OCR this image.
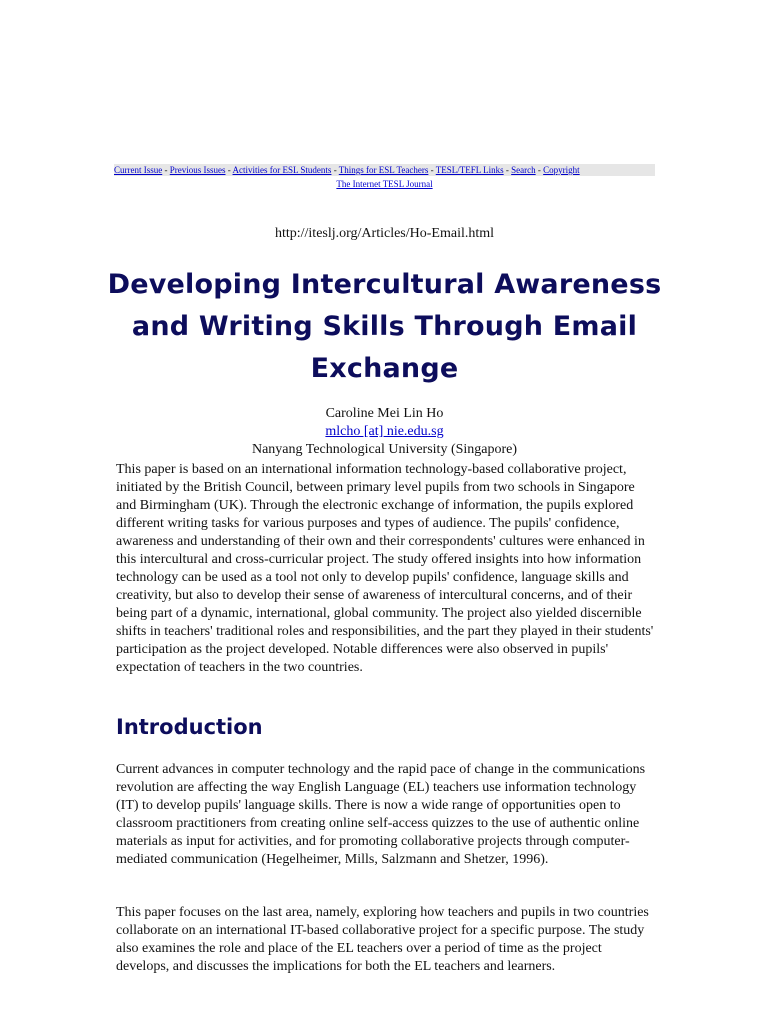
Current Issue - Previous Issues - Activities for ESL Students - Things for ESL Teachers - TESL/TEFL Links - Search - Copyright
The Internet TESL Journal
http://iteslj.org/Articles/Ho-Email.html
Developing Intercultural Awareness and Writing Skills Through Email Exchange
Caroline Mei Lin Ho
mlcho [at] nie.edu.sg
Nanyang Technological University (Singapore)

This paper is based on an international information technology-based collaborative project, initiated by the British Council, between primary level pupils from two schools in Singapore and Birmingham (UK). Through the electronic exchange of information, the pupils explored different writing tasks for various purposes and types of audience. The pupils' confidence, awareness and understanding of their own and their correspondents' cultures were enhanced in this intercultural and cross-curricular project. The study offered insights into how information technology can be used as a tool not only to develop pupils' confidence, language skills and creativity, but also to develop their sense of awareness of intercultural concerns, and of their being part of a dynamic, international, global community. The project also yielded discernible shifts in teachers' traditional roles and responsibilities, and the part they played in their students' participation as the project developed. Notable differences were also observed in pupils' expectation of teachers in the two countries.

Introduction

Current advances in computer technology and the rapid pace of change in the communications revolution are affecting the way English Language (EL) teachers use information technology (IT) to develop pupils' language skills. There is now a wide range of opportunities open to classroom practitioners from creating online self-access quizzes to the use of authentic online materials as input for activities, and for promoting collaborative projects through computer-mediated communication (Hegelheimer, Mills, Salzmann and Shetzer, 1996).

This paper focuses on the last area, namely, exploring how teachers and pupils in two countries collaborate on an international IT-based collaborative project for a specific purpose. The study also examines the role and place of the EL teachers over a period of time as the project develops, and discusses the implications for both the EL teachers and learners.
